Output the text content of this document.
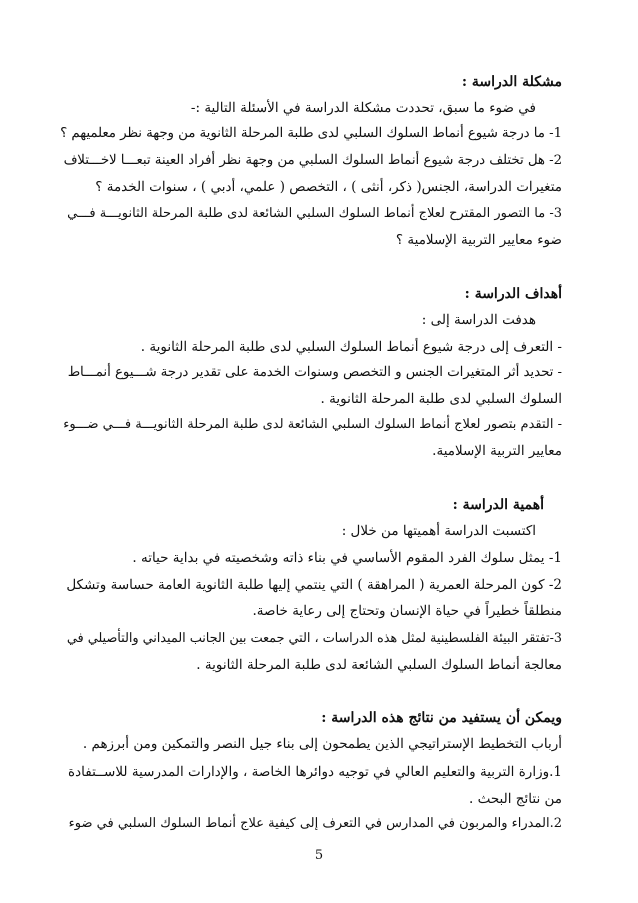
مشكلة الدراسة :
في ضوء ما سبق، تحددت مشكلة الدراسة في الأسئلة التالية :-
1- ما درجة شيوع أنماط السلوك السلبي لدى طلبة المرحلة الثانوية من وجهة نظر معلميهم ؟
2- هل تختلف درجة شيوع أنماط السلوك السلبي من وجهة نظر أفراد العينة تبعـــا لاخـــتلاف
متغيرات الدراسة، الجنس( ذكر، أنثى ) ، التخصص ( علمي، أدبي ) ، سنوات الخدمة ؟
3- ما التصور المقترح لعلاج أنماط السلوك السلبي الشائعة لدى طلبة المرحلة الثانويـــة فـــي
ضوء معايير التربية الإسلامية ؟
أهداف الدراسة :
هدفت الدراسة إلى :
- التعرف إلى درجة شيوع أنماط السلوك السلبي لدى طلبة المرحلة الثانوية .
- تحديد أثر المتغيرات الجنس و التخصص وسنوات الخدمة على تقدير درجة شـــيوع أنمـــاط
السلوك السلبي لدى طلبة المرحلة الثانوية .
- التقدم بتصور لعلاج أنماط السلوك السلبي الشائعة لدى طلبة المرحلة الثانويـــة فـــي ضـــوء
معايير التربية الإسلامية.
أهمية الدراسة :
اكتسبت الدراسة أهميتها من خلال :
1- يمثل سلوك الفرد المقوم الأساسي في بناء ذاته وشخصيته في بداية حياته .
2- كون المرحلة العمرية ( المراهقة ) التي ينتمي إليها طلبة الثانوية العامة حساسة وتشكل
منطلقاً خطيراً في حياة الإنسان وتحتاج إلى رعاية خاصة.
3-تفتقر البيئة الفلسطينية لمثل هذه الدراسات ، التي جمعت بين الجانب الميداني والتأصيلي في
معالجة أنماط السلوك السلبي الشائعة لدى طلبة المرحلة الثانوية .
ويمكن أن يستفيد من نتائج هذه الدراسة :
أرباب التخطيط الإستراتيجي الذين يطمحون إلى بناء جيل النصر والتمكين ومن أبرزهم .
1.وزارة التربية والتعليم العالي في توجيه دوائرها الخاصة ، والإدارات المدرسية للاســتفادة
من نتائج البحث .
2.المدراء والمربون في المدارس في التعرف إلى كيفية علاج أنماط السلوك السلبي في ضوء
5
